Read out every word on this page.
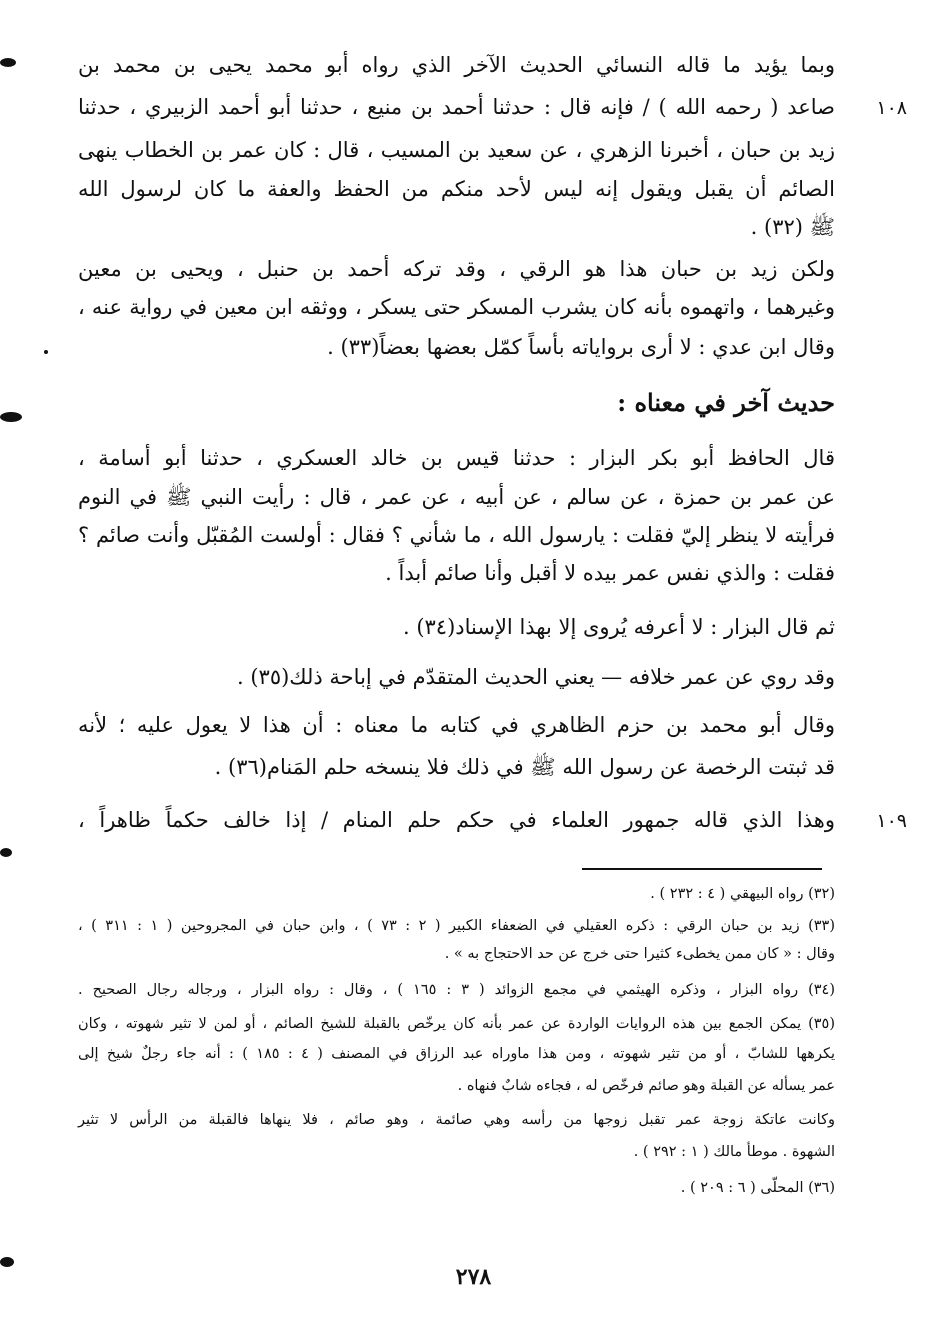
١٠٨
١٠٩
وبما يؤيد ما قاله النسائي الحديث الآخر الذي رواه أبو محمد يحيى بن محمد بن
صاعد ( رحمه الله ) / فإنه قال : حدثنا أحمد بن منيع ، حدثنا أبو أحمد الزبيري ، حدثنا
زيد بن حبان ، أخبرنا الزهري ، عن سعيد بن المسيب ، قال : كان عمر بن الخطاب ينهى
الصائم أن يقبل ويقول إنه ليس لأحد منكم من الحفظ والعفة ما كان لرسول الله
ﷺ (٣٢) .
ولكن زيد بن حبان هذا هو الرقي ، وقد تركه أحمد بن حنبل ، ويحيى بن معين
وغيرهما ، واتهموه بأنه كان يشرب المسكر حتى يسكر ، ووثقه ابن معين في رواية عنه ،
وقال ابن عدي : لا أرى برواياته بأساً كمّل بعضها بعضاً(٣٣) .
حديث آخر في معناه :
قال الحافظ أبو بكر البزار : حدثنا قيس بن خالد العسكري ، حدثنا أبو أسامة ،
عن عمر بن حمزة ، عن سالم ، عن أبيه ، عن عمر ، قال : رأيت النبي ﷺ في النوم
فرأيته لا ينظر إليّ فقلت : يارسول الله ، ما شأني ؟ فقال : أولست المُقبّل وأنت صائم ؟
فقلت : والذي نفس عمر بيده لا أقبل وأنا صائم أبداً .
ثم قال البزار : لا أعرفه يُروى إلا بهذا الإسناد(٣٤) .
وقد روي عن عمر خلافه — يعني الحديث المتقدّم في إباحة ذلك(٣٥) .
وقال أبو محمد بن حزم الظاهري في كتابه ما معناه : أن هذا لا يعول عليه ؛ لأنه
قد ثبتت الرخصة عن رسول الله ﷺ في ذلك فلا ينسخه حلم المَنام(٣٦) .
وهذا الذي قاله جمهور العلماء في حكم حلم المنام / إذا خالف حكماً ظاهراً ،
(٣٢) رواه البيهقي ( ٤ : ٢٣٢ ) .
(٣٣) زيد بن حبان الرقي : ذكره العقيلي في الضعفاء الكبير ( ٢ : ٧٣ ) ، وابن حبان في المجروحين ( ١ : ٣١١ ) ،
وقال : « كان ممن يخطىء كثيرا حتى خرج عن حد الاحتجاج به » .
(٣٤) رواه البزار ، وذكره الهيثمي في مجمع الزوائد ( ٣ : ١٦٥ ) ، وقال : رواه البزار ، ورجاله رجال الصحيح .
(٣٥) يمكن الجمع بين هذه الروايات الواردة عن عمر بأنه كان يرخّص بالقبلة للشيخ الصائم ، أو لمن لا تثير شهوته ، وكان
يكرهها للشابّ ، أو من تثير شهوته ، ومن هذا ماوراه عبد الرزاق في المصنف ( ٤ : ١٨٥ ) : أنه جاء رجلٌ شيخ إلى
عمر يسأله عن القبلة وهو صائم فرخّص له ، فجاءه شابٌ فنهاه .
وكانت عاتكة زوجة عمر تقبل زوجها من رأسه وهي صائمة ، وهو صائم ، فلا ينهاها فالقبلة من الرأس لا تثير
الشهوة . موطأ مالك ( ١ : ٢٩٢ ) .
(٣٦) المحلّى ( ٦ : ٢٠٩ ) .
٢٧٨
